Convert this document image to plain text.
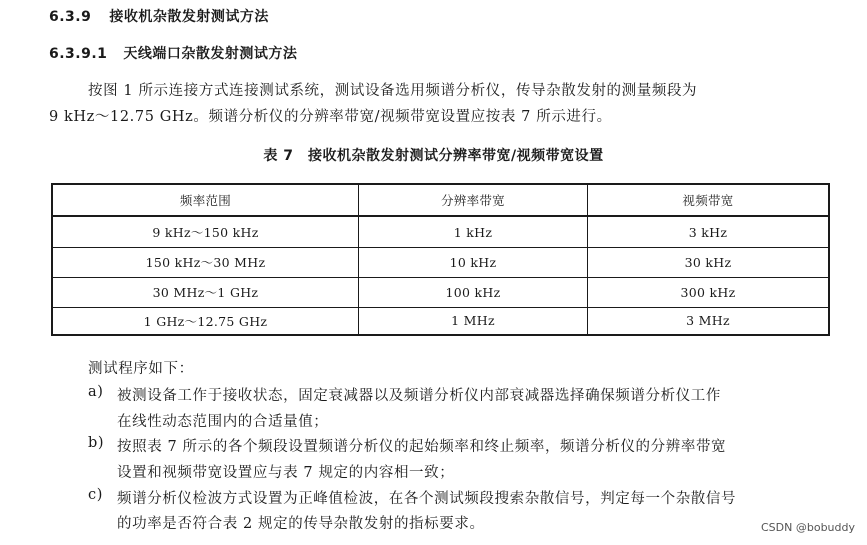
6.3.9 接收机杂散发射测试方法
6.3.9.1 天线端口杂散发射测试方法
按图 1 所示连接方式连接测试系统，测试设备选用频谱分析仪，传导杂散发射的测量频段为
9 kHz～12.75 GHz。频谱分析仪的分辨率带宽/视频带宽设置应按表 7 所示进行。
表 7　接收机杂散发射测试分辨率带宽/视频带宽设置
频率范围	分辨率带宽	视频带宽
9 kHz～150 kHz	1 kHz	3 kHz
150 kHz～30 MHz	10 kHz	30 kHz
30 MHz～1 GHz	100 kHz	300 kHz
1 GHz～12.75 GHz	1 MHz	3 MHz
测试程序如下：
a) 被测设备工作于接收状态，固定衰减器以及频谱分析仪内部衰减器选择确保频谱分析仪工作
在线性动态范围内的合适量值；
b) 按照表 7 所示的各个频段设置频谱分析仪的起始频率和终止频率，频谱分析仪的分辨率带宽
设置和视频带宽设置应与表 7 规定的内容相一致；
c) 频谱分析仪检波方式设置为正峰值检波，在各个测试频段搜索杂散信号，判定每一个杂散信号
的功率是否符合表 2 规定的传导杂散发射的指标要求。	CSDN @bobuddy
